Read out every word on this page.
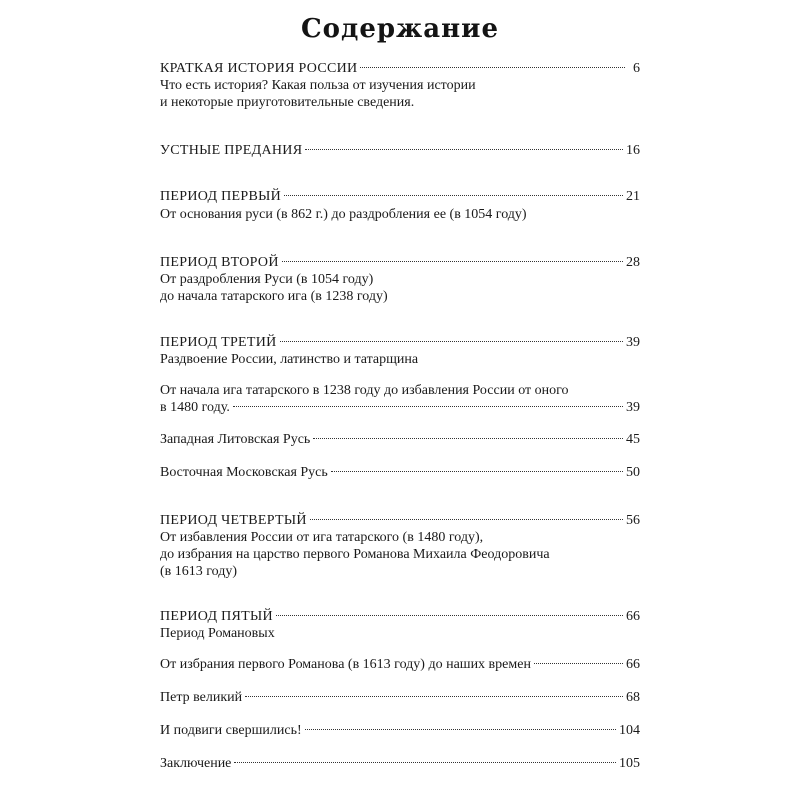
Содержание
КРАТКАЯ ИСТОРИЯ РОССИИ	6
Что есть история? Какая польза от изучения истории
и некоторые приуготовительные сведения.
УСТНЫЕ ПРЕДАНИЯ	16
ПЕРИОД ПЕРВЫЙ	21
От основания руси (в 862 г.) до раздробления ее (в 1054 году)
ПЕРИОД ВТОРОЙ	28
От раздробления Руси (в 1054 году)
до начала татарского ига (в 1238 году)
ПЕРИОД ТРЕТИЙ	39
Раздвоение России, латинство и татарщина
От начала ига татарского в 1238 году до избавления России от оного
в 1480 году.	39
Западная Литовская Русь	45
Восточная Московская Русь	50
ПЕРИОД ЧЕТВЕРТЫЙ	56
От избавления России от ига татарского (в 1480 году),
до избрания на царство первого Романова Михаила Феодоровича
(в 1613 году)
ПЕРИОД ПЯТЫЙ	66
Период Романовых
От избрания первого Романова (в 1613 году) до наших времен	66
Петр великий	68
И подвиги свершились!	104
Заключение	105
